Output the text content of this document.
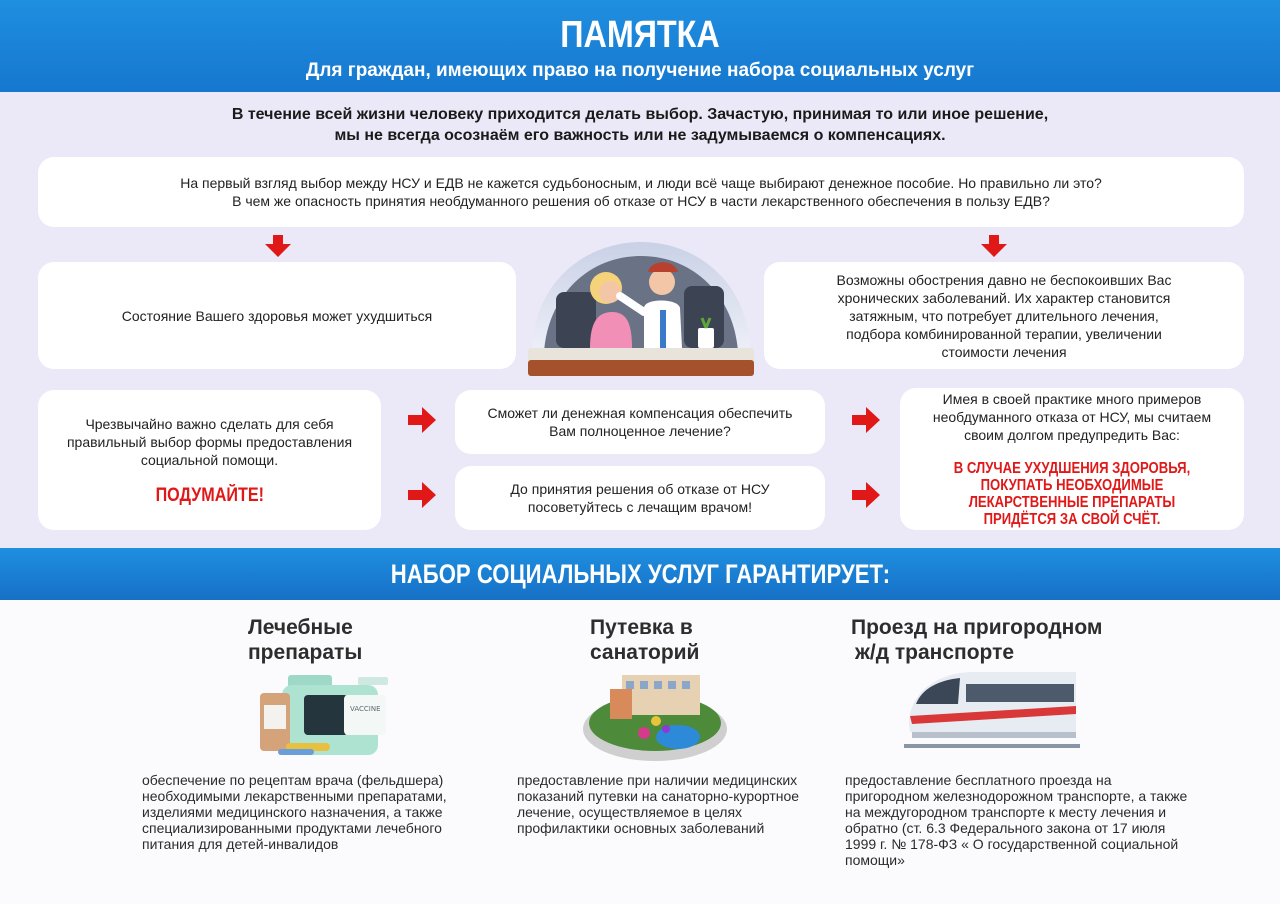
ПАМЯТКА
Для граждан, имеющих право на получение набора социальных услуг
В течение всей жизни человеку приходится делать выбор. Зачастую, принимая то или иное решение,
мы не всегда осознаём его важность или не задумываемся о компенсациях.
На первый взгляд выбор между НСУ и ЕДВ не кажется судьбоносным, и люди всё чаще выбирают денежное пособие. Но правильно ли это?
В чем же опасность принятия необдуманного решения об отказе от НСУ в части лекарственного обеспечения в пользу ЕДВ?
Состояние Вашего здоровья может ухудшиться
Возможны обострения давно не беспокоивших Вас хронических заболеваний. Их характер становится затяжным, что потребует длительного лечения, подбора комбинированной терапии, увеличении стоимости лечения
Чрезвычайно важно сделать для себя правильный выбор формы предоставления социальной помощи.
ПОДУМАЙТЕ!
Сможет ли денежная компенсация обеспечить Вам полноценное лечение?
До принятия решения об отказе от НСУ посоветуйтесь с лечащим врачом!
Имея в своей практике много примеров необдуманного отказа от НСУ, мы считаем своим долгом предупредить Вас:
В СЛУЧАЕ УХУДШЕНИЯ ЗДОРОВЬЯ, ПОКУПАТЬ НЕОБХОДИМЫЕ ЛЕКАРСТВЕННЫЕ ПРЕПАРАТЫ ПРИДЁТСЯ ЗА СВОЙ СЧЁТ.
НАБОР СОЦИАЛЬНЫХ УСЛУГ ГАРАНТИРУЕТ:
Лечебные
препараты
VACCINE
обеспечение по рецептам врача (фельдшера) необходимыми лекарственными препаратами, изделиями медицинского назначения, а также специализированными продуктами лечебного питания для детей-инвалидов
Путевка в
санаторий
предоставление при наличии медицинских показаний путевки на санаторно-курортное лечение, осуществляемое в целях профилактики основных заболеваний
Проезд на пригородном
ж/д транспорте
предоставление бесплатного проезда на пригородном железнодорожном транспорте, а также на междугородном транспорте к месту лечения и обратно (ст. 6.3 Федерального закона от 17 июля 1999 г. № 178-ФЗ « О государственной социальной помощи»
